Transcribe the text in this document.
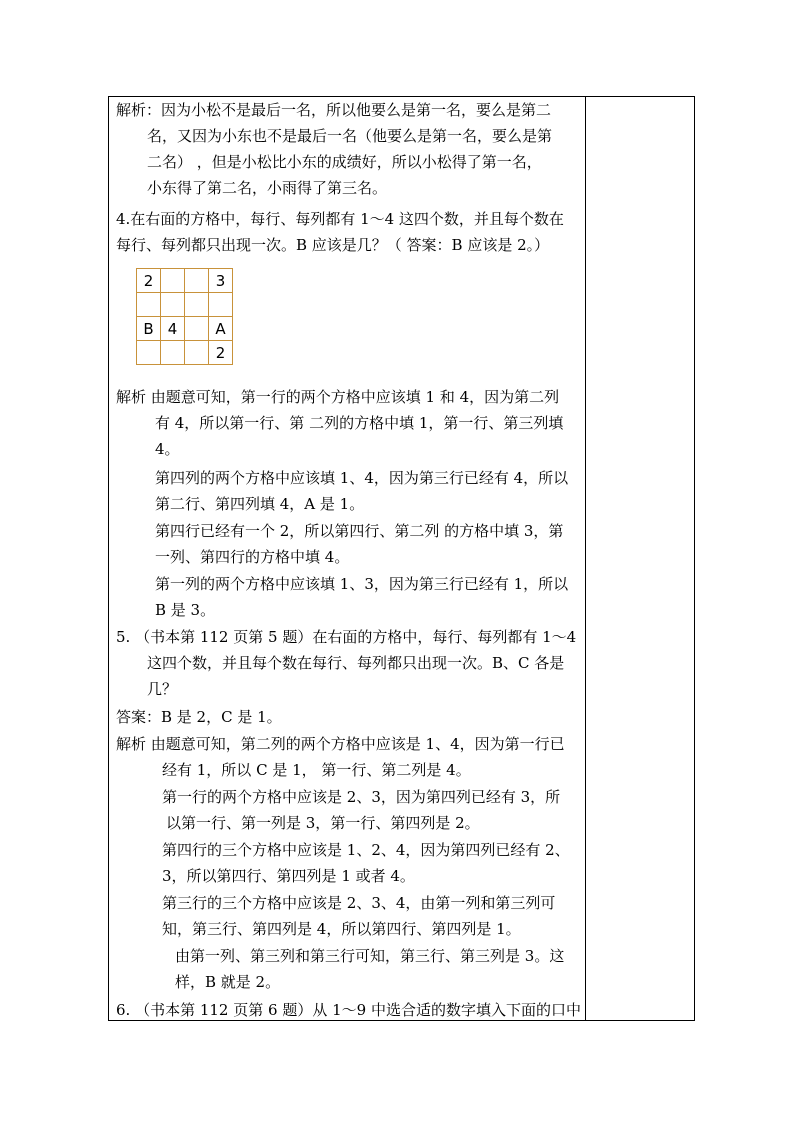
解析：因为小松不是最后一名，所以他要么是第一名，要么是第二
名，又因为小东也不是最后一名（他要么是第一名，要么是第
二名） ，但是小松比小东的成绩好，所以小松得了第一名，
小东得了第二名，小雨得了第三名。
4.在右面的方格中，每行、每列都有 1～4 这四个数，并且每个数在
每行、每列都只出现一次。B 应该是几？（ 答案：B 应该是 2。）
2			3

B	4		A
			2
解析 由题意可知，第一行的两个方格中应该填 1 和 4，因为第二列
有 4，所以第一行、第 二列的方格中填 1，第一行、第三列填
4。
第四列的两个方格中应该填 1、4，因为第三行已经有 4，所以
第二行、第四列填 4，A 是 1。
第四行已经有一个 2，所以第四行、第二列 的方格中填 3，第
一列、第四行的方格中填 4。
第一列的两个方格中应该填 1、3，因为第三行已经有 1，所以
B 是 3。
5. （书本第 112 页第 5 题）在右面的方格中，每行、每列都有 1～4
这四个数，并且每个数在每行、每列都只出现一次。B、C 各是
几？
答案：B 是 2，C 是 1。
解析 由题意可知，第二列的两个方格中应该是 1、4，因为第一行已
经有 1，所以 C 是 1， 第一行、第二列是 4。
第一行的两个方格中应该是 2、3，因为第四列已经有 3，所
以第一行、第一列是 3，第一行、第四列是 2。
第四行的三个方格中应该是 1、2、4，因为第四列已经有 2、
3，所以第四行、第四列是 1 或者 4。
第三行的三个方格中应该是 2、3、4，由第一列和第三列可
知，第三行、第四列是 4，所以第四行、第四列是 1。
由第一列、第三列和第三行可知，第三行、第三列是 3。这
样，B 就是 2。
6. （书本第 112 页第 6 题）从 1～9 中选合适的数字填入下面的口中
